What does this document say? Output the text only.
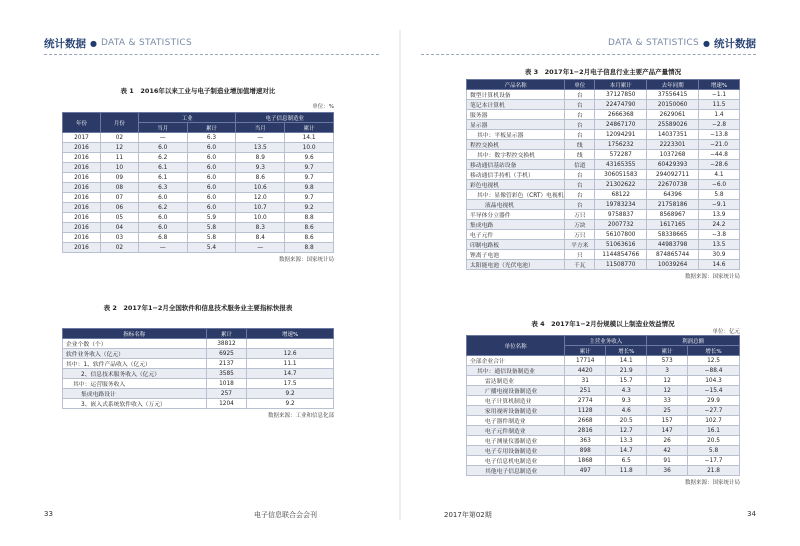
统计数据 ● DATA & STATISTICS	DATA & STATISTICS ● 统计数据
表 1　2016年以来工业与电子制造业增加值增速对比
单位：%
年份	月份	工业		电子信息制造业	
		当月	累计	当月	累计
2017	02	—	6.3	—	14.1
2016	12	6.0	6.0	13.5	10.0
2016	11	6.2	6.0	8.9	9.6
2016	10	6.1	6.0	9.3	9.7
2016	09	6.1	6.0	8.6	9.7
2016	08	6.3	6.0	10.6	9.8
2016	07	6.0	6.0	12.0	9.7
2016	06	6.2	6.0	10.7	9.2
2016	05	6.0	5.9	10.0	8.8
2016	04	6.0	5.8	8.3	8.6
2016	03	6.8	5.8	8.4	8.6
2016	02	—	5.4	—	8.8
数据来源：国家统计局
表 2　2017年1−2月全国软件和信息技术服务业主要指标快报表
指标名称	累计	增速%
企业个数（个）	38812	
软件业务收入（亿元）	6925	12.6
其中：1、软件产品收入（亿元）	2137	11.1
2、信息技术服务收入（亿元）	3585	14.7
其中：运营服务收入	1018	17.5
集成电路设计	257	9.2
3、嵌入式系统软件收入（万元）	1204	9.2
数据来源：工业和信息化部
表 3　2017年1−2月电子信息行业主要产品产量情况
产品名称	单位	本月累计	去年同期	增速%
微型计算机设备	台	37127850	37556415	−1.1
笔记本计算机	台	22474790	20150060	11.5
服务器	台	2666368	2629061	1.4
显示器	台	24867170	25589026	−2.8
其中：平板显示器	台	12094291	14037351	−13.8
程控交换机	线	1756232	2223301	−21.0
其中：数字程控交换机	线	572287	1037268	−44.8
移动通信基站设备	信道	43165355	60429393	−28.6
移动通信手持机（手机）	台	306051583	294092711	4.1
彩色电视机	台	21302622	22670738	−6.0
其中：显像管彩色（CRT）电视机	台	68122	64396	5.8
液晶电视机	台	19783234	21758186	−9.1
半导体分立器件	万只	9758837	8568967	13.9
集成电路	万块	2007732	1617165	24.2
电子元件	万只	56107800	58338665	−3.8
印制电路板	平方米	51063616	44983798	13.5
锂离子电池	只	1144854766	874865744	30.9
太阳能电池（光伏电池）	千瓦	11508770	10039264	14.6
数据来源：国家统计局
表 4　2017年1−2月份规模以上制造业效益情况
单位：亿元
单位名称	主营业务收入		利润总额	
	累计	增长%	累计	增长%
全部企业合计	17714	14.1	573	12.5
其中：通信设备制造业	4420	21.9	3	−88.4
雷达制造业	31	15.7	12	104.3
广播电视设备制造业	251	4.3	12	−15.4
电子计算机制造业	2774	9.3	33	29.9
家用视听设备制造业	1128	4.6	25	−27.7
电子器件制造业	2668	20.5	157	102.7
电子元件制造业	2816	12.7	147	16.1
电子测量仪器制造业	363	13.3	26	20.5
电子专用设备制造业	898	14.7	42	5.8
电子信息机电制造业	1868	6.5	91	−17.7
其他电子信息制造业	497	11.8	36	21.8
数据来源：国家统计局
33	电子信息联合会会刊	2017年第02期	34
